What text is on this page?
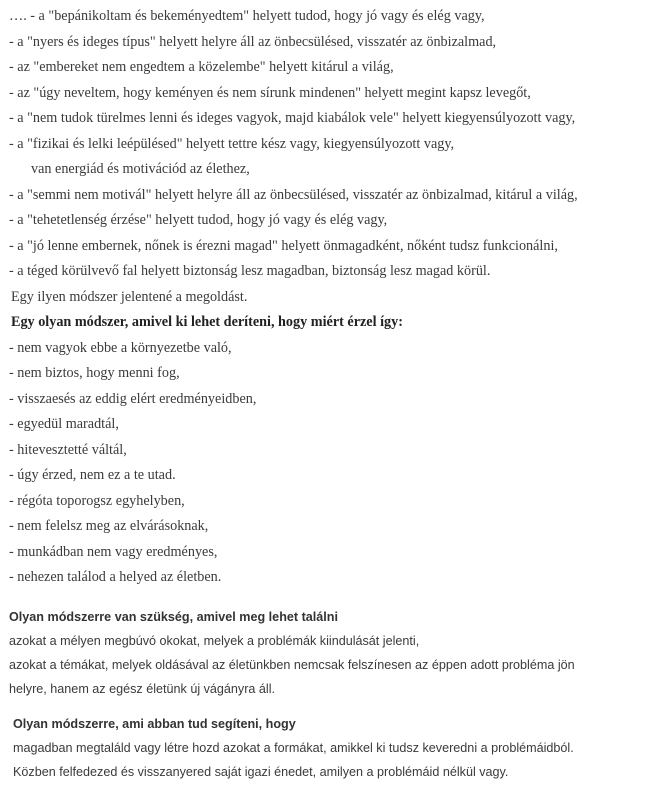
…. - a "bepánikoltam és bekeményedtem" helyett tudod, hogy jó vagy és elég vagy,
- a "nyers és ideges típus" helyett helyre áll az önbecsülésed, visszatér az önbizalmad,
- az "embereket nem engedtem a közelembe" helyett kitárul a világ,
- az "úgy neveltem, hogy keményen és nem sírunk mindenen" helyett megint kapsz levegőt,
- a "nem tudok türelmes lenni és ideges vagyok, majd kiabálok vele" helyett kiegyensúlyozott vagy,
- a "fizikai és lelki leépülésed" helyett tettre kész vagy, kiegyensúlyozott vagy,
van energiád és motivációd az élethez,
- a "semmi nem motivál" helyett helyre áll az önbecsülésed, visszatér az önbizalmad, kitárul a világ,
- a "tehetetlenség érzése" helyett tudod, hogy jó vagy és elég vagy,
- a "jó lenne embernek, nőnek is érezni magad" helyett önmagadként, nőként tudsz funkcionálni,
- a téged körülvevő fal helyett biztonság lesz magadban, biztonság lesz magad körül.
Egy ilyen módszer jelentené a megoldást.
Egy olyan módszer, amivel ki lehet deríteni, hogy miért érzel így:
- nem vagyok ebbe a környezetbe való,
- nem biztos, hogy menni fog,
- visszaesés az eddig elért eredményeidben,
- egyedül maradtál,
- hitevesztetté váltál,
- úgy érzed, nem ez a te utad.
- régóta toporogsz egyhelyben,
- nem felelsz meg az elvárásoknak,
- munkádban nem vagy eredményes,
- nehezen találod a helyed az életben.
Olyan módszerre van szükség, amivel meg lehet találni
azokat a mélyen megbúvó okokat, melyek a problémák kiindulását jelenti,
azokat a témákat, melyek oldásával az életünkben nemcsak felszínesen az éppen adott probléma jön
helyre, hanem az egész életünk új vágányra áll.
Olyan módszerre, ami abban tud segíteni, hogy
magadban megtaláld vagy létre hozd azokat a formákat, amikkel ki tudsz keveredni a problémáidból.
Közben felfedezed és visszanyered saját igazi énedet, amilyen a problémáid nélkül vagy.
